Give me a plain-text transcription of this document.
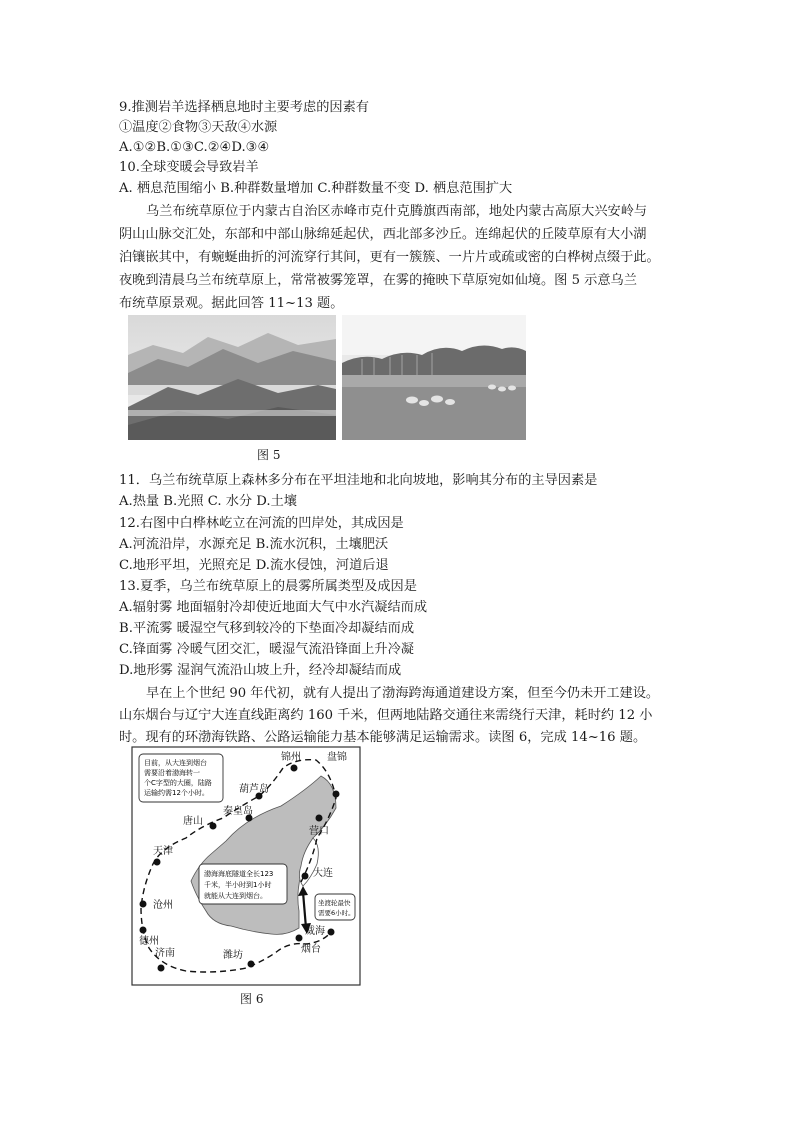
9.推测岩羊选择栖息地时主要考虑的因素有
①温度②食物③天敌④水源
A.①②B.①③C.②④D.③④
10.全球变暖会导致岩羊
A. 栖息范围缩小 B.种群数量增加 C.种群数量不变 D. 栖息范围扩大
乌兰布统草原位于内蒙古自治区赤峰市克什克腾旗西南部，地处内蒙古高原大兴安岭与
阴山山脉交汇处，东部和中部山脉绵延起伏，西北部多沙丘。连绵起伏的丘陵草原有大小湖
泊镶嵌其中，有蜿蜒曲折的河流穿行其间，更有一簇簇、一片片或疏或密的白桦树点缀于此。
夜晚到清晨乌兰布统草原上，常常被雾笼罩，在雾的掩映下草原宛如仙境。图 5 示意乌兰
布统草原景观。据此回答 11~13 题。
图 5
11．乌兰布统草原上森林多分布在平坦洼地和北向坡地，影响其分布的主导因素是
A.热量 B.光照 C. 水分 D.土壤
12.右图中白桦林屹立在河流的凹岸处，其成因是
A.河流沿岸，水源充足 B.流水沉积，土壤肥沃
C.地形平坦，光照充足 D.流水侵蚀，河道后退
13.夏季，乌兰布统草原上的晨雾所属类型及成因是
A.辐射雾 地面辐射冷却使近地面大气中水汽凝结而成
B.平流雾 暖湿空气移到较冷的下垫面冷却凝结而成
C.锋面雾 冷暖气团交汇，暖湿气流沿锋面上升冷凝
D.地形雾 湿润气流沿山坡上升，经冷却凝结而成
早在上个世纪 90 年代初，就有人提出了渤海跨海通道建设方案，但至今仍未开工建设。
山东烟台与辽宁大连直线距离约 160 千米，但两地陆路交通往来需绕行天津，耗时约 12 小
时。现有的环渤海铁路、公路运输能力基本能够满足运输需求。读图 6，完成 14~16 题。
锦州	盘锦
营口
葫芦岛
秦皇岛
唐山
天津
沧州
德州
济南	潍坊
烟台
威海
大连
目前，从大连到烟台
需要沿着渤海转一
个C字型的大圈，陆路
运输约需12个小时。
渤海海底隧道全长123
千米，半小时到1小时
就能从大连到烟台。
坐渡轮最快
需要6小时。
图 6
